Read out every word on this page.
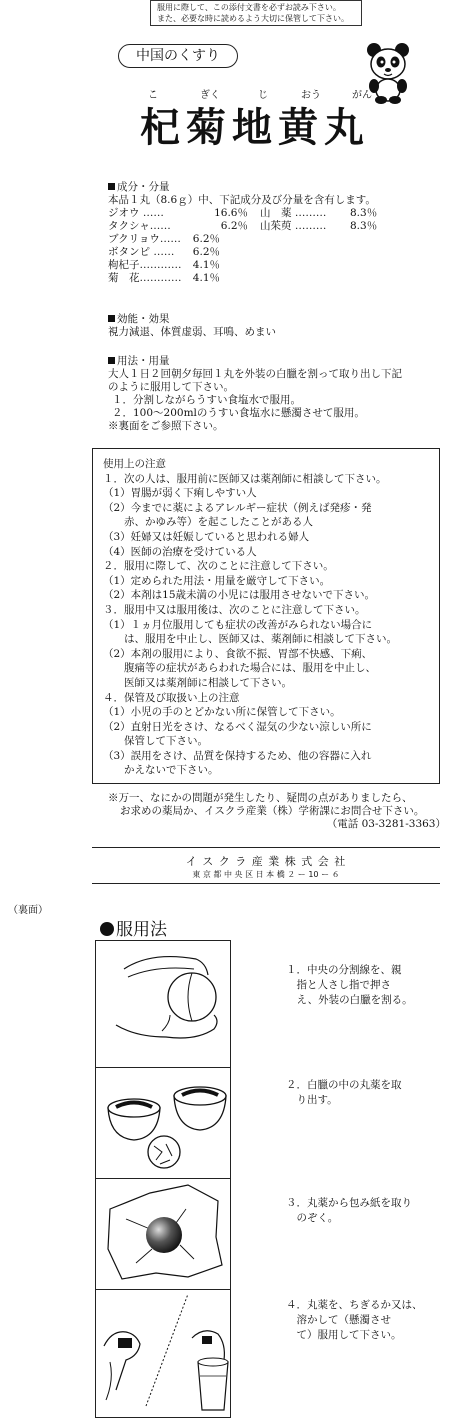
服用に際して、この添付文書を必ずお読み下さい。
また、必要な時に読めるよう大切に保管して下さい。
中国のくすり
こ	ぎく	じ	おう	がん
杞菊地黄丸
成分・分量
本品１丸（8.6ｇ）中、下記成分及び分量を含有します。
ジオウ ……	16.6％ 山　薬 ……… 8.3％
タクシャ……	6.2％ 山茱萸 ……… 8.3％
ブクリョウ…… 6.2％
ボタンピ …… 6.2％
枸杞子………… 4.1％
菊　花………… 4.1％
効能・効果
視力減退、体質虚弱、耳鳴、めまい
用法・用量
大人１日２回朝夕毎回１丸を外装の白臘を割って取り出し下記
のように服用して下さい。
１．分割しながらうすい食塩水で服用。
２．100～200mlのうすい食塩水に懸濁させて服用。
※裏面をご参照下さい。
使用上の注意
１．次の人は、服用前に医師又は薬剤師に相談して下さい。
（1）胃腸が弱く下痢しやすい人
（2）今までに薬によるアレルギー症状（例えば発疹・発
　　赤、かゆみ等）を起こしたことがある人
（3）妊婦又は妊娠していると思われる婦人
（4）医師の治療を受けている人
２．服用に際して、次のことに注意して下さい。
（1）定められた用法・用量を厳守して下さい。
（2）本剤は15歳未満の小児には服用させないで下さい。
３．服用中又は服用後は、次のことに注意して下さい。
（1）１ヵ月位服用しても症状の改善がみられない場合に
　　は、服用を中止し、医師又は、薬剤師に相談して下さい。
（2）本剤の服用により、食欲不振、胃部不快感、下痢、
　　腹痛等の症状があらわれた場合には、服用を中止し、
　　医師又は薬剤師に相談して下さい。
４．保管及び取扱い上の注意
（1）小児の手のとどかない所に保管して下さい。
（2）直射日光をさけ、なるべく湿気の少ない涼しい所に
　　保管して下さい。
（3）誤用をさけ、品質を保持するため、他の容器に入れ
　　かえないで下さい。
※万一、なにかの問題が発生したり、疑問の点がありましたら、
お求めの薬局か、イスクラ産業（株）学術課にお問合せ下さい。
（電話 03-3281-3363）
イ ス ク ラ 産 業 株 式 会 社
東 京 都 中 央 区 日 本 橋 ２ ー 10 ー ６
（裏面）
服用法
１．中央の分割線を、親
　指と人さし指で押さ
　え、外装の白臘を割る。
２．白臘の中の丸薬を取
　り出す。
３．丸薬から包み紙を取り
　のぞく。
４．丸薬を、ちぎるか又は、
　溶かして（懸濁させ
　て）服用して下さい。
